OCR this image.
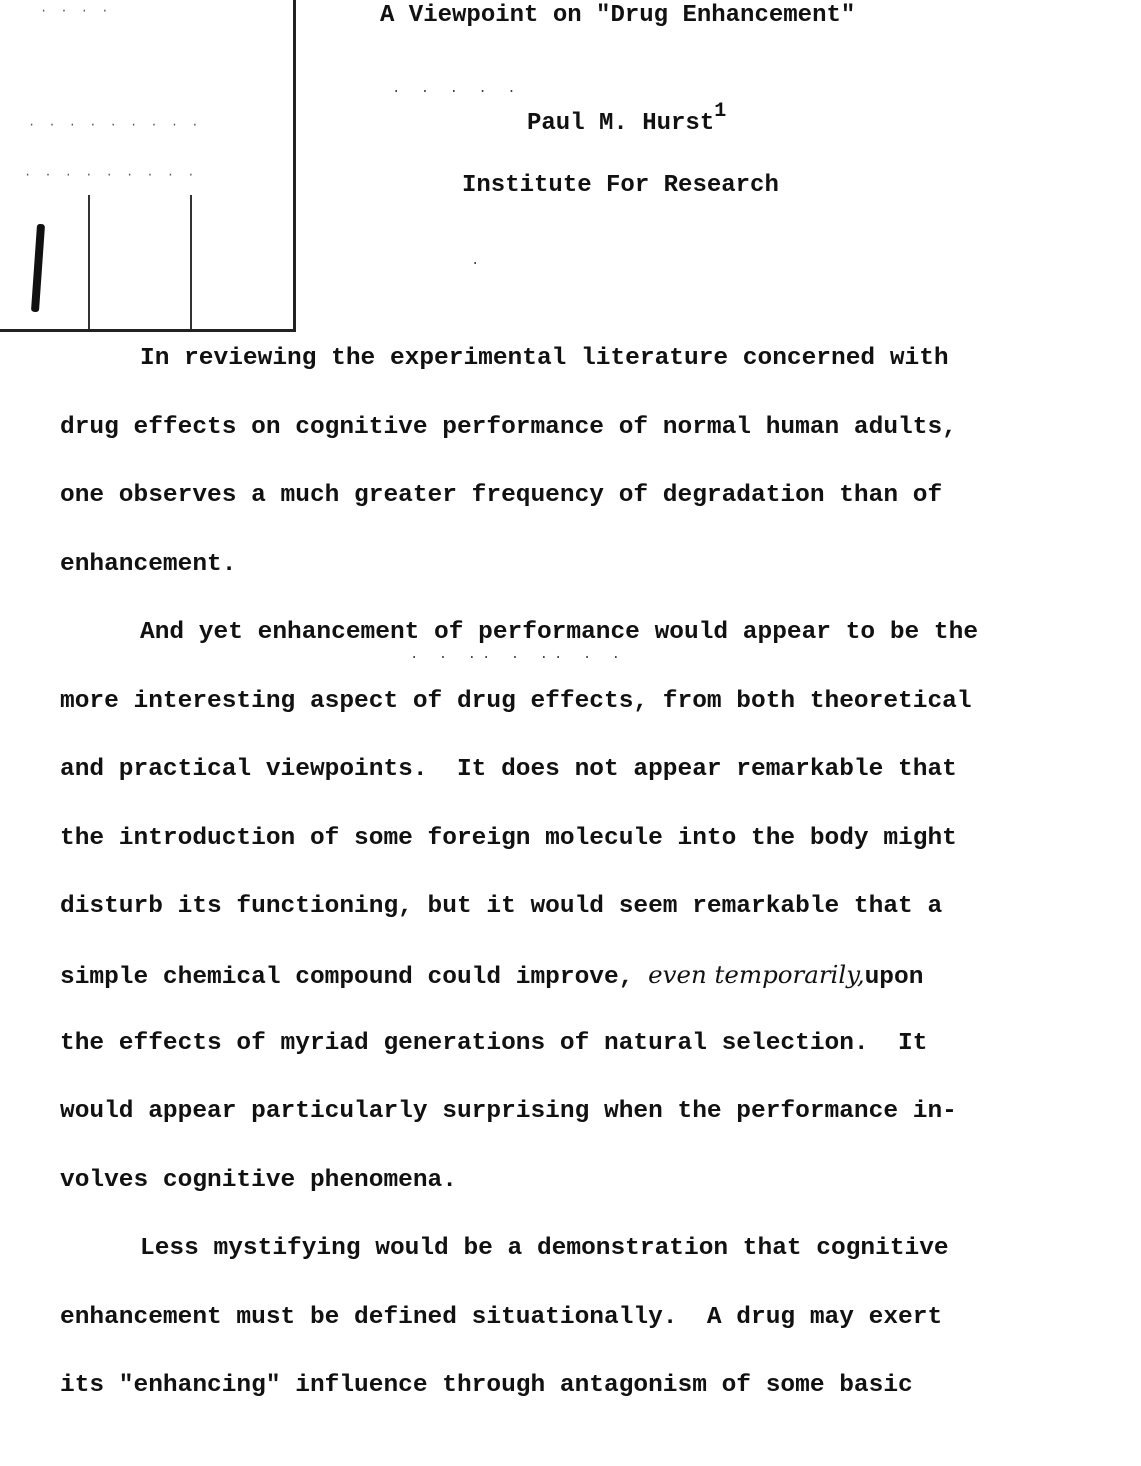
· · · ·
· · · · · · · · ·
· · · · · · · · ·
A Viewpoint on "Drug Enhancement"
· · · · ·
Paul M. Hurst$^1$
Institute For Research
·
In reviewing the experimental literature concerned with
drug effects on cognitive performance of normal human adults,
one observes a much greater frequency of degradation than of
enhancement.
And yet enhancement of performance would appear to be the
· · ·· · ·· · ·
more interesting aspect of drug effects, from both theoretical
and practical viewpoints.  It does not appear remarkable that
the introduction of some foreign molecule into the body might
disturb its functioning, but it would seem remarkable that a
simple chemical compound could improve, even temporarily,upon
the effects of myriad generations of natural selection.  It
would appear particularly surprising when the performance in-
volves cognitive phenomena.
Less mystifying would be a demonstration that cognitive
enhancement must be defined situationally.  A drug may exert
its "enhancing" influence through antagonism of some basic
